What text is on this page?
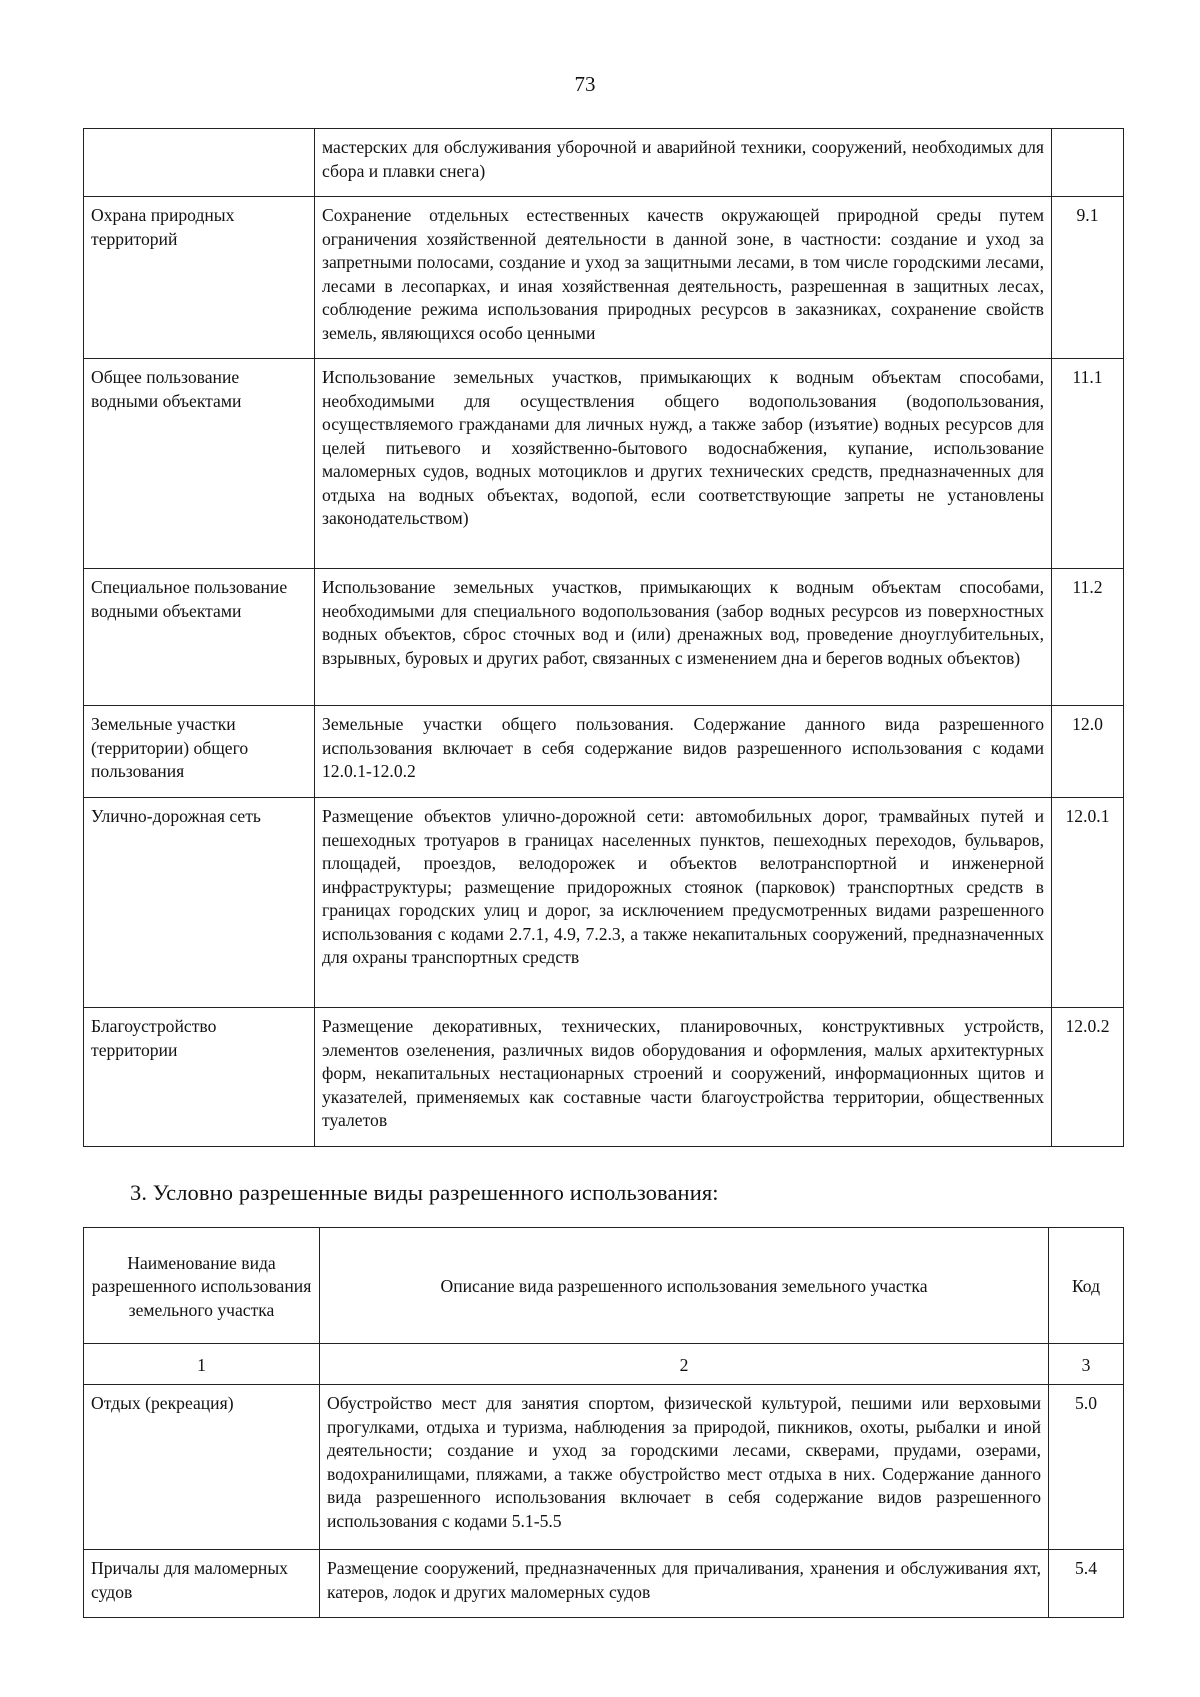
73
	мастерских для обслуживания уборочной и аварийной техники, сооружений, необходимых для сбора и плавки снега)	
Охрана природных территорий	Сохранение отдельных естественных качеств окружающей природной среды путем ограничения хозяйственной деятельности в данной зоне, в частности: создание и уход за запретными полосами, создание и уход за защитными лесами, в том числе городскими лесами, лесами в лесопарках, и иная хозяйственная деятельность, разрешенная в защитных лесах, соблюдение режима использования природных ресурсов в заказниках, сохранение свойств земель, являющихся особо ценными	9.1
Общее пользование водными объектами	Использование земельных участков, примыкающих к водным объектам способами, необходимыми для осуществления общего водопользования (водопользования, осуществляемого гражданами для личных нужд, а также забор (изъятие) водных ресурсов для целей питьевого и хозяйственно-бытового водоснабжения, купание, использование маломерных судов, водных мотоциклов и других технических средств, предназначенных для отдыха на водных объектах, водопой, если соответствующие запреты не установлены законодательством)	11.1
Специальное пользование водными объектами	Использование земельных участков, примыкающих к водным объектам способами, необходимыми для специального водопользования (забор водных ресурсов из поверхностных водных объектов, сброс сточных вод и (или) дренажных вод, проведение дноуглубительных, взрывных, буровых и других работ, связанных с изменением дна и берегов водных объектов)	11.2
Земельные участки (территории) общего пользования	Земельные участки общего пользования. Содержание данного вида разрешенного использования включает в себя содержание видов разрешенного использования с кодами 12.0.1-12.0.2	12.0
Улично-дорожная сеть	Размещение объектов улично-дорожной сети: автомобильных дорог, трамвайных путей и пешеходных тротуаров в границах населенных пунктов, пешеходных переходов, бульваров, площадей, проездов, велодорожек и объектов велотранспортной и инженерной инфраструктуры; размещение придорожных стоянок (парковок) транспортных средств в границах городских улиц и дорог, за исключением предусмотренных видами разрешенного использования с кодами 2.7.1, 4.9, 7.2.3, а также некапитальных сооружений, предназначенных для охраны транспортных средств	12.0.1
Благоустройство территории	Размещение декоративных, технических, планировочных, конструктивных устройств, элементов озеленения, различных видов оборудования и оформления, малых архитектурных форм, некапитальных нестационарных строений и сооружений, информационных щитов и указателей, применяемых как составные части благоустройства территории, общественных туалетов	12.0.2
3. Условно разрешенные виды разрешенного использования:
Наименование вида разрешенного использования земельного участка	Описание вида разрешенного использования земельного участка	Код
1	2	3
Отдых (рекреация)	Обустройство мест для занятия спортом, физической культурой, пешими или верховыми прогулками, отдыха и туризма, наблюдения за природой, пикников, охоты, рыбалки и иной деятельности; создание и уход за городскими лесами, скверами, прудами, озерами, водохранилищами, пляжами, а также обустройство мест отдыха в них. Содержание данного вида разрешенного использования включает в себя содержание видов разрешенного использования с кодами 5.1-5.5	5.0
Причалы для маломерных судов	Размещение сооружений, предназначенных для причаливания, хранения и обслуживания яхт, катеров, лодок и других маломерных судов	5.4
